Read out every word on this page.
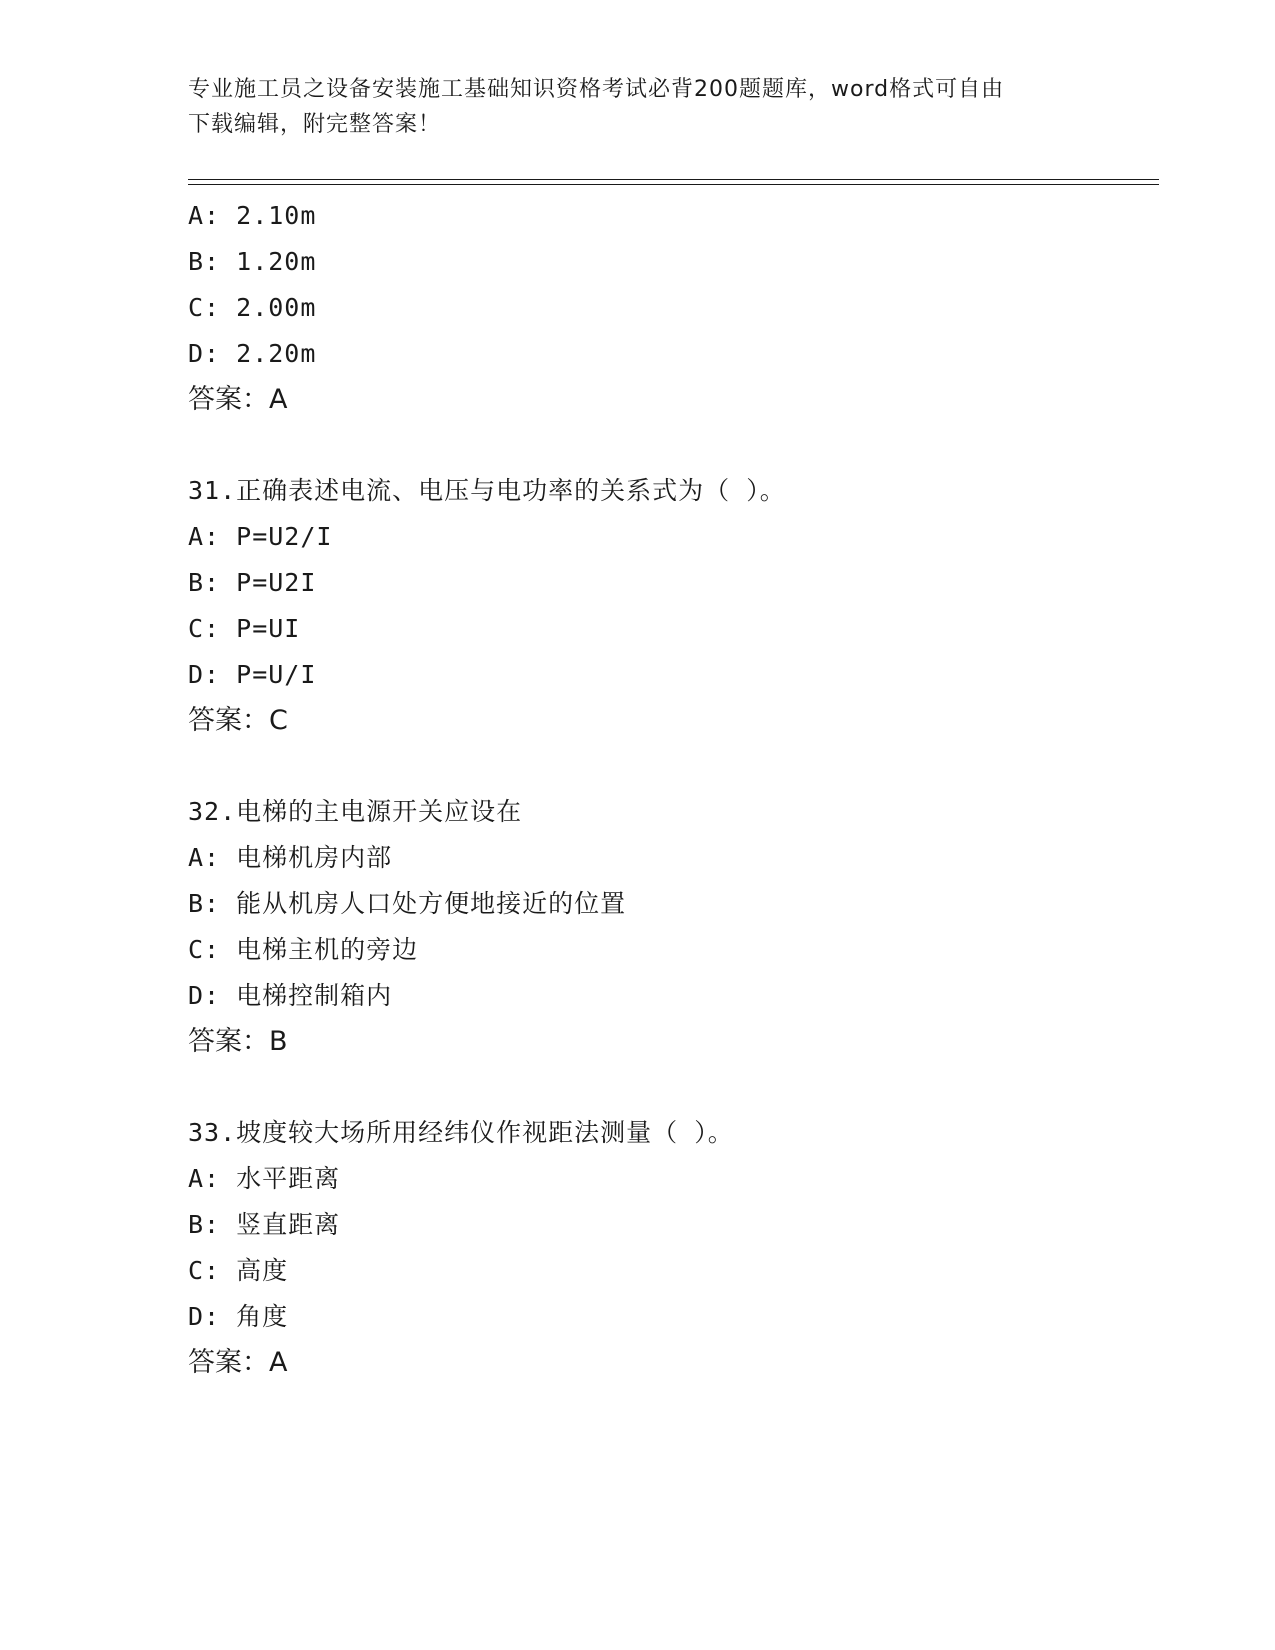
专业施工员之设备安装施工基础知识资格考试必背200题题库，word格式可自由
下载编辑，附完整答案！
A: 2.10m
B: 1.20m
C: 2.00m
D: 2.20m
答案：A
31.正确表述电流、电压与电功率的关系式为（ ）。
A: P=U2/I
B: P=U2I
C: P=UI
D: P=U/I
答案：C
32.电梯的主电源开关应设在
A: 电梯机房内部
B: 能从机房人口处方便地接近的位置
C: 电梯主机的旁边
D: 电梯控制箱内
答案：B
33.坡度较大场所用经纬仪作视距法测量（ ）。
A: 水平距离
B: 竖直距离
C: 高度
D: 角度
答案：A
